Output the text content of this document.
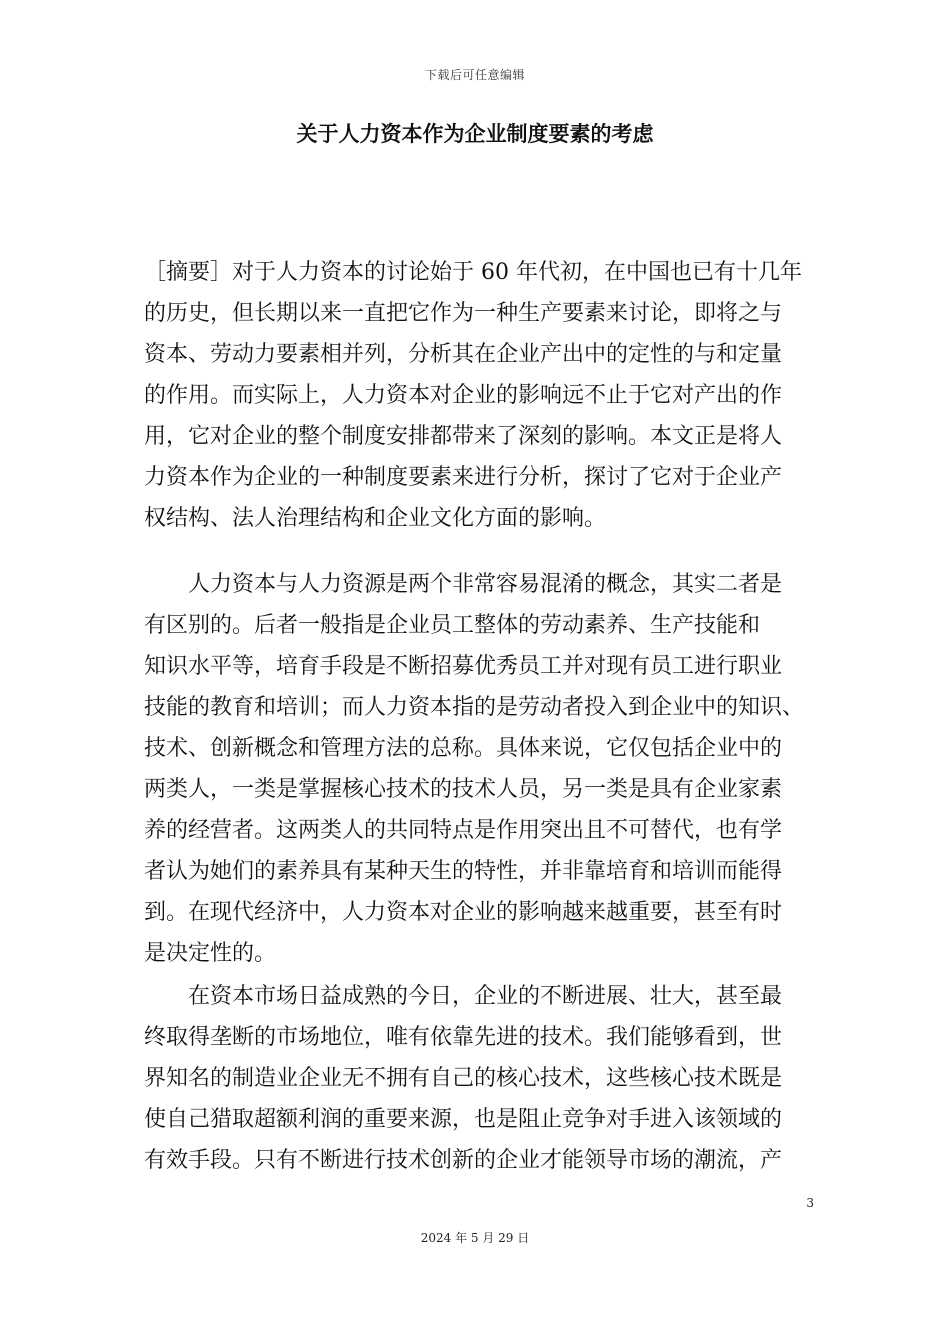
下载后可任意编辑
关于人力资本作为企业制度要素的考虑
［摘要］对于人力资本的讨论始于 60 年代初，在中国也已有十几年
的历史，但长期以来一直把它作为一种生产要素来讨论，即将之与
资本、劳动力要素相并列，分析其在企业产出中的定性的与和定量
的作用。而实际上，人力资本对企业的影响远不止于它对产出的作
用，它对企业的整个制度安排都带来了深刻的影响。本文正是将人
力资本作为企业的一种制度要素来进行分析，探讨了它对于企业产
权结构、法人治理结构和企业文化方面的影响。
　　人力资本与人力资源是两个非常容易混淆的概念，其实二者是
有区别的。后者一般指是企业员工整体的劳动素养、生产技能和
知识水平等，培育手段是不断招募优秀员工并对现有员工进行职业
技能的教育和培训；而人力资本指的是劳动者投入到企业中的知识、
技术、创新概念和管理方法的总称。具体来说，它仅包括企业中的
两类人，一类是掌握核心技术的技术人员，另一类是具有企业家素
养的经营者。这两类人的共同特点是作用突出且不可替代，也有学
者认为她们的素养具有某种天生的特性，并非靠培育和培训而能得
到。在现代经济中，人力资本对企业的影响越来越重要，甚至有时
是决定性的。
　　在资本市场日益成熟的今日，企业的不断进展、壮大，甚至最
终取得垄断的市场地位，唯有依靠先进的技术。我们能够看到，世
界知名的制造业企业无不拥有自己的核心技术，这些核心技术既是
使自己猎取超额利润的重要来源，也是阻止竞争对手进入该领域的
有效手段。只有不断进行技术创新的企业才能领导市场的潮流，产
3
2024 年 5 月 29 日
